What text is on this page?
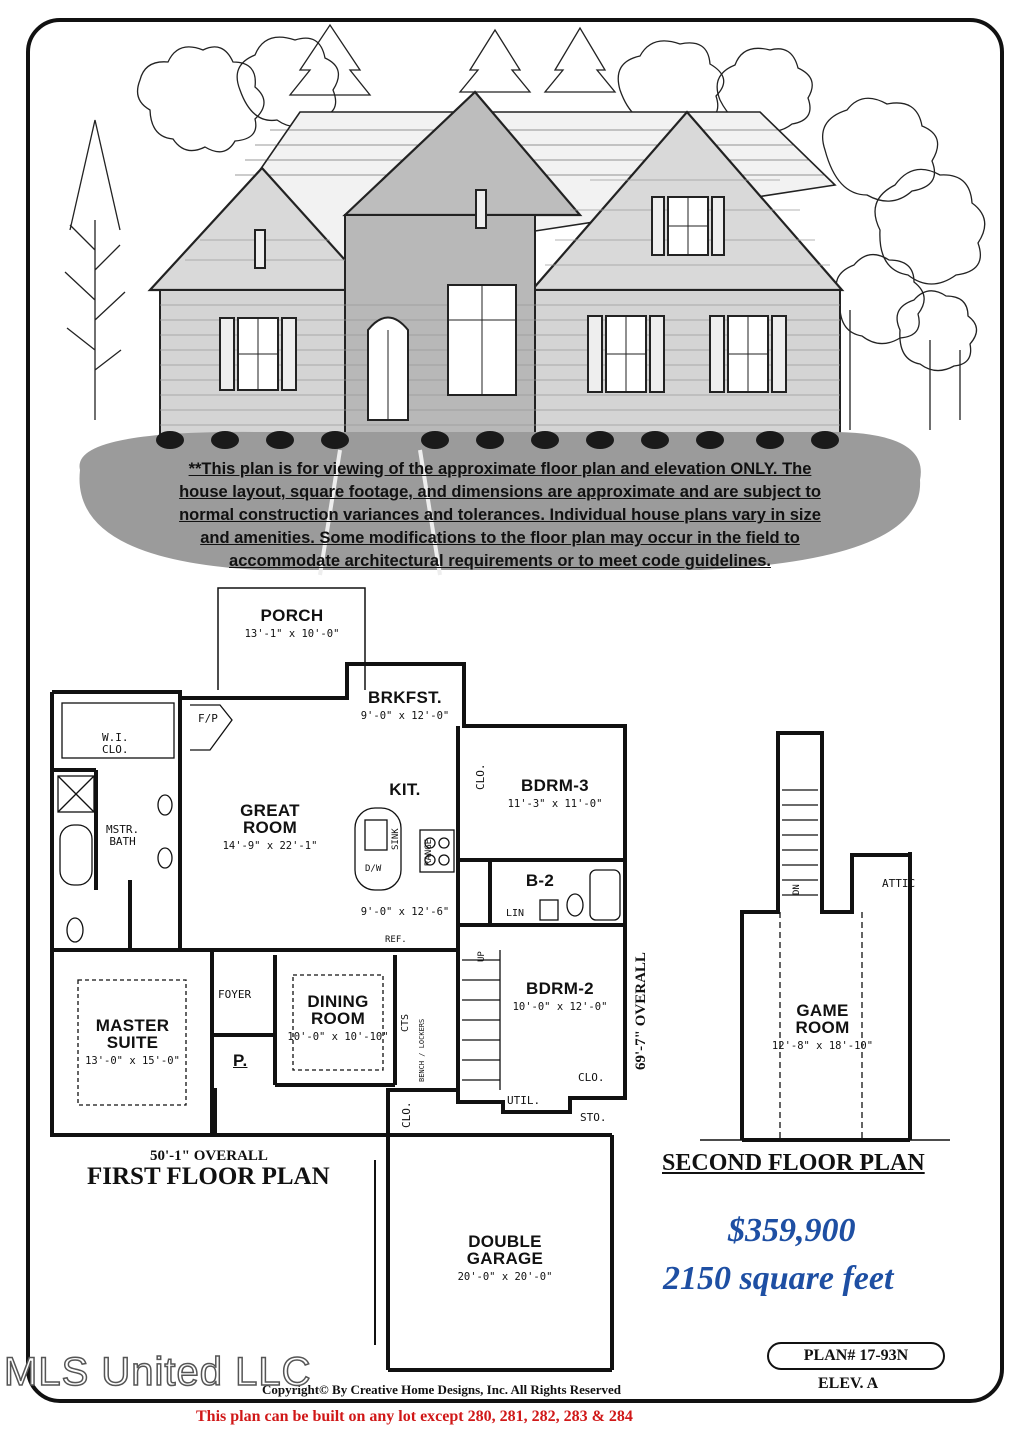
**This plan is for viewing of the approximate floor plan and elevation ONLY. The
house layout, square footage, and dimensions are approximate and are subject to
normal construction variances and tolerances. Individual house plans vary in size
and amenities. Some modifications to the floor plan may occur in the field to
accommodate architectural requirements or to meet code guidelines.
PORCH
13'-1" x 10'-0"
BRKFST.
9'-0" x 12'-0"
GREAT
ROOM
14'-9" x 22'-1"
KIT.
9'-0" x 12'-6"
BDRM-3
11'-3" x 11'-0"
B-2
BDRM-2
10'-0" x 12'-0"
DINING
ROOM
10'-0" x 10'-10"
MASTER
SUITE
13'-0" x 15'-0"
DOUBLE
GARAGE
20'-0" x 20'-0"
FOYER
P.
W.I.
CLO.
MSTR.
BATH
F/P
SINK
D/W
RANGE
REF.
CLO.
LIN
CTS BENCH / LOCKERS
CLO.
UTIL.
CLO.
STO.
UP
50'-1" OVERALL
FIRST FLOOR PLAN
69'-7" OVERALL	GAME
ROOM
12'-8" x 18'-10"
ATTIC
DN
SECOND FLOOR PLAN
$359,900
2150 square feet
PLAN# 17-93N
ELEV. A
Copyright© By Creative Home Designs, Inc. All Rights Reserved
This plan can be built on any lot except 280, 281, 282, 283 & 284
MLS United LLC
